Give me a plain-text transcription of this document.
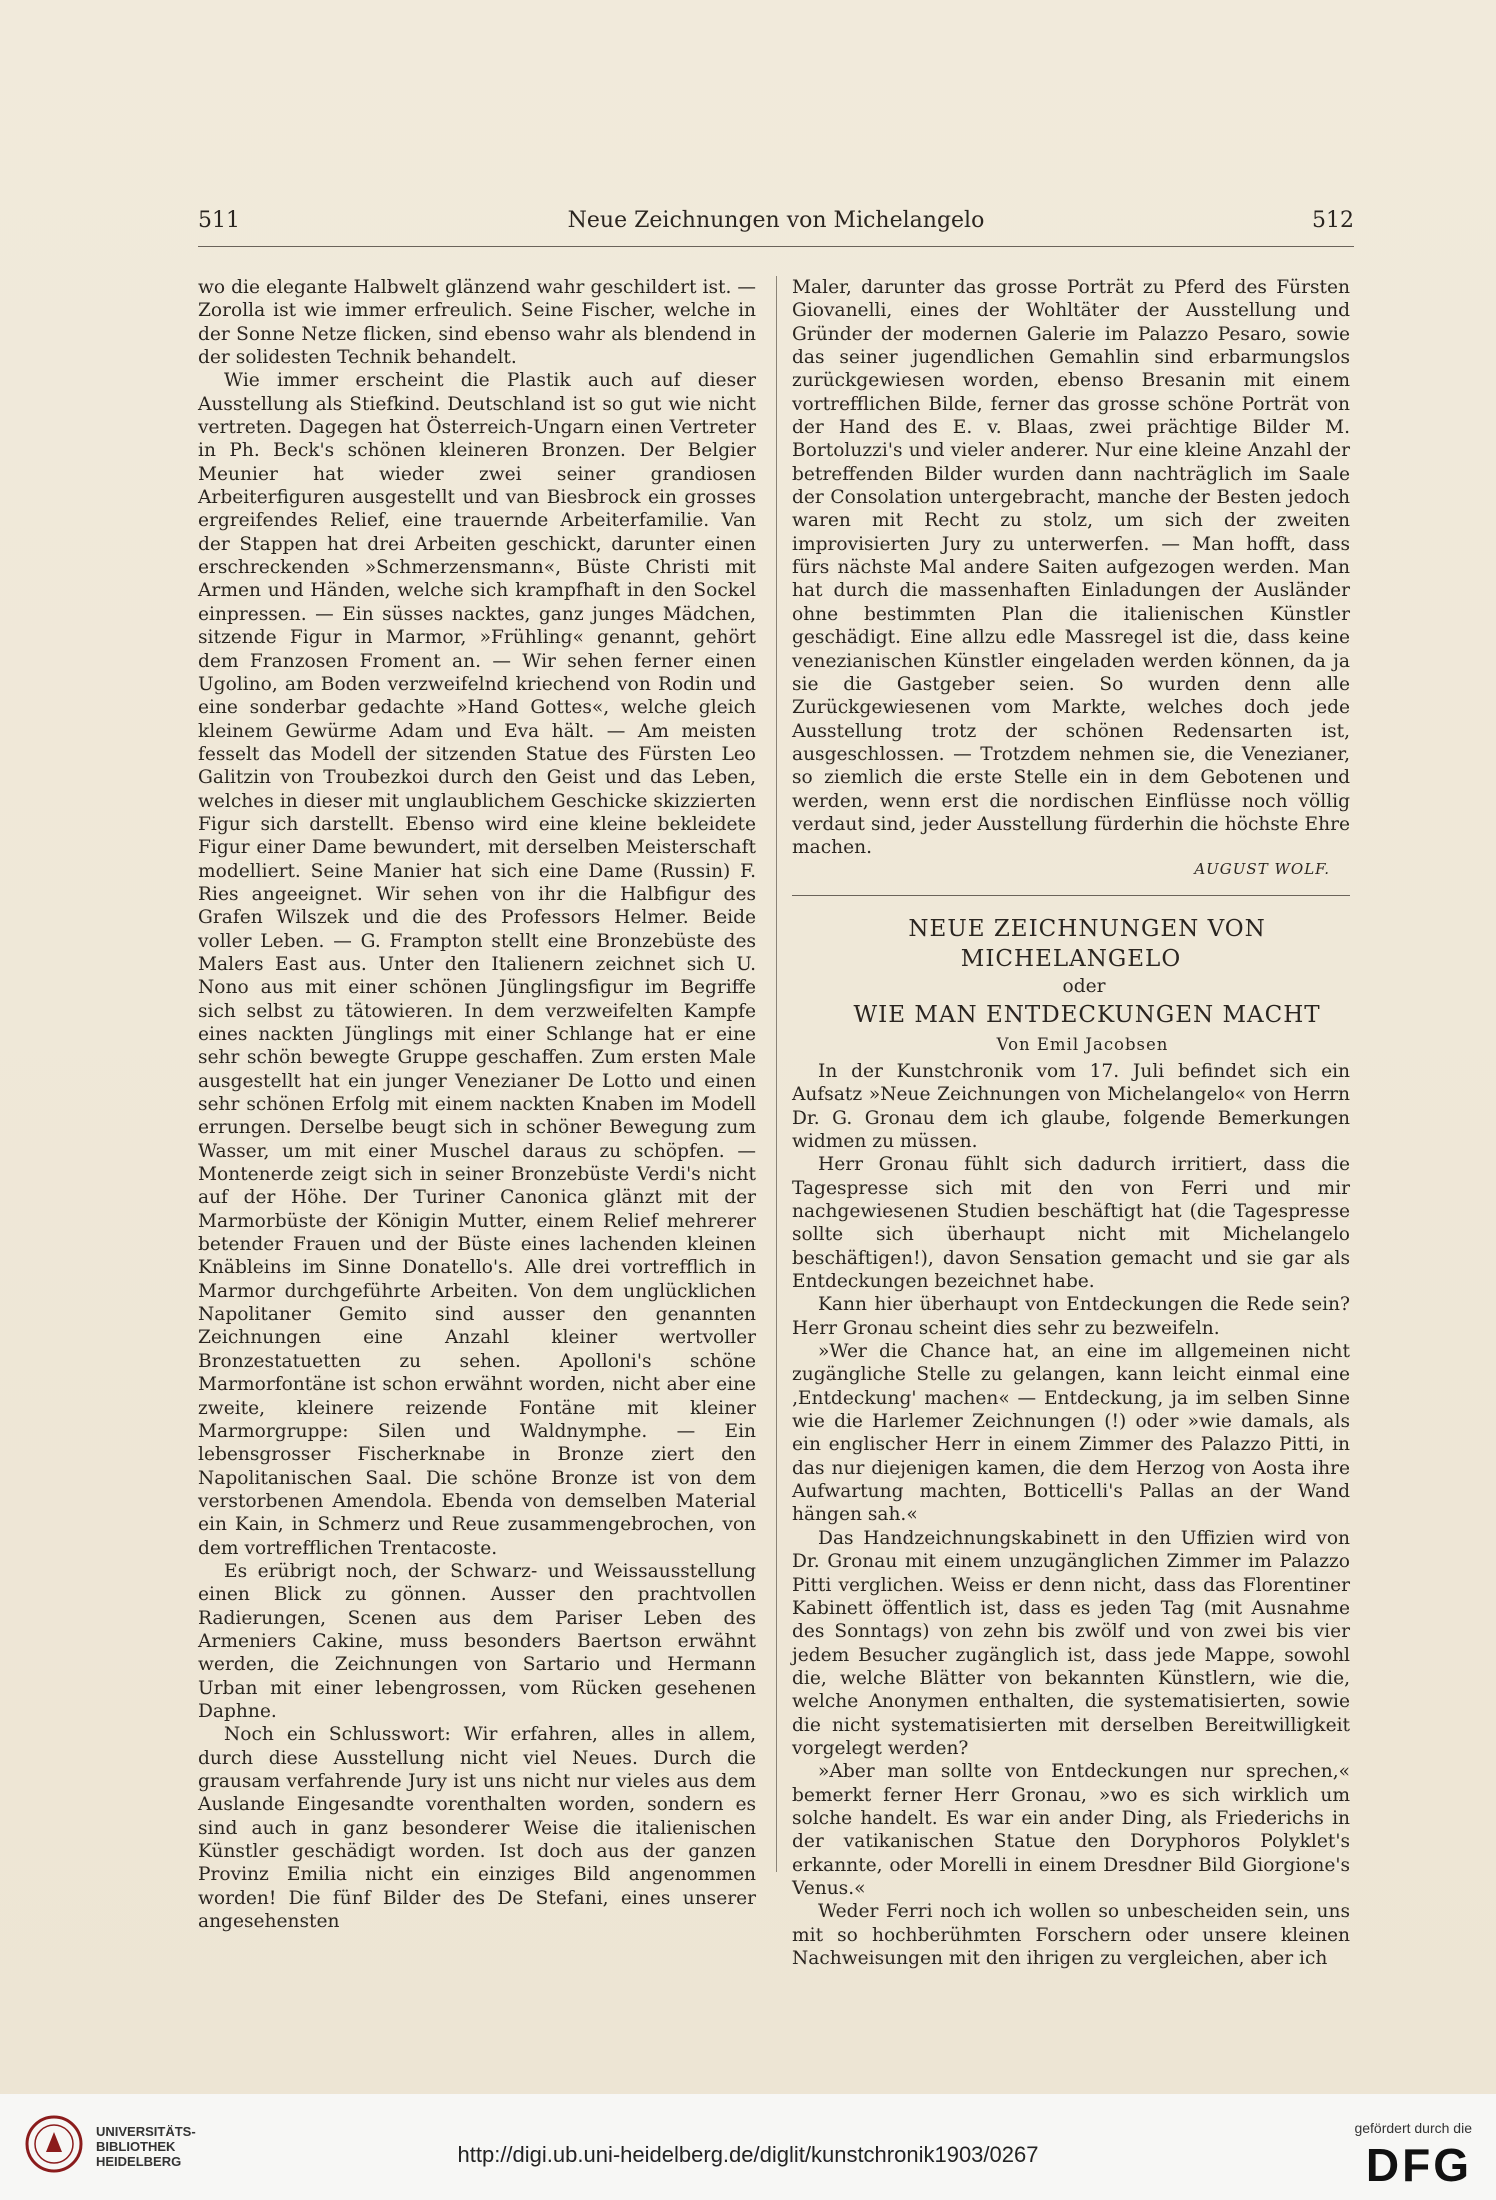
511	Neue Zeichnungen von Michelangelo	512

wo die elegante Halbwelt glänzend wahr geschildert ist. — Zorolla ist wie immer erfreulich. Seine Fischer, welche in der Sonne Netze flicken, sind ebenso wahr als blendend in der solidesten Technik behandelt.

Wie immer erscheint die Plastik auch auf dieser Ausstellung als Stiefkind. Deutschland ist so gut wie nicht vertreten. Dagegen hat Österreich-Ungarn einen Vertreter in Ph. Beck's schönen kleineren Bronzen. Der Belgier Meunier hat wieder zwei seiner grandiosen Arbeiterfiguren ausgestellt und van Biesbrock ein grosses ergreifendes Relief, eine trauernde Arbeiterfamilie. Van der Stappen hat drei Arbeiten geschickt, darunter einen erschreckenden »Schmerzensmann«, Büste Christi mit Armen und Händen, welche sich krampfhaft in den Sockel einpressen. — Ein süsses nacktes, ganz junges Mädchen, sitzende Figur in Marmor, »Frühling« genannt, gehört dem Franzosen Froment an. — Wir sehen ferner einen Ugolino, am Boden verzweifelnd kriechend von Rodin und eine sonderbar gedachte »Hand Gottes«, welche gleich kleinem Gewürme Adam und Eva hält. — Am meisten fesselt das Modell der sitzenden Statue des Fürsten Leo Galitzin von Troubezkoi durch den Geist und das Leben, welches in dieser mit unglaublichem Geschicke skizzierten Figur sich darstellt. Ebenso wird eine kleine bekleidete Figur einer Dame bewundert, mit derselben Meisterschaft modelliert. Seine Manier hat sich eine Dame (Russin) F. Ries angeeignet. Wir sehen von ihr die Halbfigur des Grafen Wilszek und die des Professors Helmer. Beide voller Leben. — G. Frampton stellt eine Bronzebüste des Malers East aus. Unter den Italienern zeichnet sich U. Nono aus mit einer schönen Jünglingsfigur im Begriffe sich selbst zu tätowieren. In dem verzweifelten Kampfe eines nackten Jünglings mit einer Schlange hat er eine sehr schön bewegte Gruppe geschaffen. Zum ersten Male ausgestellt hat ein junger Venezianer De Lotto und einen sehr schönen Erfolg mit einem nackten Knaben im Modell errungen. Derselbe beugt sich in schöner Bewegung zum Wasser, um mit einer Muschel daraus zu schöpfen. — Montenerde zeigt sich in seiner Bronzebüste Verdi's nicht auf der Höhe. Der Turiner Canonica glänzt mit der Marmorbüste der Königin Mutter, einem Relief mehrerer betender Frauen und der Büste eines lachenden kleinen Knäbleins im Sinne Donatello's. Alle drei vortrefflich in Marmor durchgeführte Arbeiten. Von dem unglücklichen Napolitaner Gemito sind ausser den genannten Zeichnungen eine Anzahl kleiner wertvoller Bronzestatuetten zu sehen. Apolloni's schöne Marmorfontäne ist schon erwähnt worden, nicht aber eine zweite, kleinere reizende Fontäne mit kleiner Marmorgruppe: Silen und Waldnymphe. — Ein lebensgrosser Fischerknabe in Bronze ziert den Napolitanischen Saal. Die schöne Bronze ist von dem verstorbenen Amendola. Ebenda von demselben Material ein Kain, in Schmerz und Reue zusammengebrochen, von dem vortrefflichen Trentacoste.

Es erübrigt noch, der Schwarz- und Weissausstellung einen Blick zu gönnen. Ausser den prachtvollen Radierungen, Scenen aus dem Pariser Leben des Armeniers Cakine, muss besonders Baertson erwähnt werden, die Zeichnungen von Sartario und Hermann Urban mit einer lebengrossen, vom Rücken gesehenen Daphne.

Noch ein Schlusswort: Wir erfahren, alles in allem, durch diese Ausstellung nicht viel Neues. Durch die grausam verfahrende Jury ist uns nicht nur vieles aus dem Auslande Eingesandte vorenthalten worden, sondern es sind auch in ganz besonderer Weise die italienischen Künstler geschädigt worden. Ist doch aus der ganzen Provinz Emilia nicht ein einziges Bild angenommen worden! Die fünf Bilder des De Stefani, eines unserer angesehensten

Maler, darunter das grosse Porträt zu Pferd des Fürsten Giovanelli, eines der Wohltäter der Ausstellung und Gründer der modernen Galerie im Palazzo Pesaro, sowie das seiner jugendlichen Gemahlin sind erbarmungslos zurückgewiesen worden, ebenso Bresanin mit einem vortrefflichen Bilde, ferner das grosse schöne Porträt von der Hand des E. v. Blaas, zwei prächtige Bilder M. Bortoluzzi's und vieler anderer. Nur eine kleine Anzahl der betreffenden Bilder wurden dann nachträglich im Saale der Consolation untergebracht, manche der Besten jedoch waren mit Recht zu stolz, um sich der zweiten improvisierten Jury zu unterwerfen. — Man hofft, dass fürs nächste Mal andere Saiten aufgezogen werden. Man hat durch die massenhaften Einladungen der Ausländer ohne bestimmten Plan die italienischen Künstler geschädigt. Eine allzu edle Massregel ist die, dass keine venezianischen Künstler eingeladen werden können, da ja sie die Gastgeber seien. So wurden denn alle Zurückgewiesenen vom Markte, welches doch jede Ausstellung trotz der schönen Redensarten ist, ausgeschlossen. — Trotzdem nehmen sie, die Venezianer, so ziemlich die erste Stelle ein in dem Gebotenen und werden, wenn erst die nordischen Einflüsse noch völlig verdaut sind, jeder Ausstellung fürderhin die höchste Ehre machen.

AUGUST WOLF.

NEUE ZEICHNUNGEN VON MICHELANGELO

oder

WIE MAN ENTDECKUNGEN MACHT

Von Emil Jacobsen

In der Kunstchronik vom 17. Juli befindet sich ein Aufsatz »Neue Zeichnungen von Michelangelo« von Herrn Dr. G. Gronau dem ich glaube, folgende Bemerkungen widmen zu müssen.

Herr Gronau fühlt sich dadurch irritiert, dass die Tagespresse sich mit den von Ferri und mir nachgewiesenen Studien beschäftigt hat (die Tagespresse sollte sich überhaupt nicht mit Michelangelo beschäftigen!), davon Sensation gemacht und sie gar als Entdeckungen bezeichnet habe.

Kann hier überhaupt von Entdeckungen die Rede sein? Herr Gronau scheint dies sehr zu bezweifeln.

»Wer die Chance hat, an eine im allgemeinen nicht zugängliche Stelle zu gelangen, kann leicht einmal eine ‚Entdeckung' machen« — Entdeckung, ja im selben Sinne wie die Harlemer Zeichnungen (!) oder »wie damals, als ein englischer Herr in einem Zimmer des Palazzo Pitti, in das nur diejenigen kamen, die dem Herzog von Aosta ihre Aufwartung machten, Botticelli's Pallas an der Wand hängen sah.«

Das Handzeichnungskabinett in den Uffizien wird von Dr. Gronau mit einem unzugänglichen Zimmer im Palazzo Pitti verglichen. Weiss er denn nicht, dass das Florentiner Kabinett öffentlich ist, dass es jeden Tag (mit Ausnahme des Sonntags) von zehn bis zwölf und von zwei bis vier jedem Besucher zugänglich ist, dass jede Mappe, sowohl die, welche Blätter von bekannten Künstlern, wie die, welche Anonymen enthalten, die systematisierten, sowie die nicht systematisierten mit derselben Bereitwilligkeit vorgelegt werden?

»Aber man sollte von Entdeckungen nur sprechen,« bemerkt ferner Herr Gronau, »wo es sich wirklich um solche handelt. Es war ein ander Ding, als Friederichs in der vatikanischen Statue den Doryphoros Polyklet's erkannte, oder Morelli in einem Dresdner Bild Giorgione's Venus.«

Weder Ferri noch ich wollen so unbescheiden sein, uns mit so hochberühmten Forschern oder unsere kleinen Nachweisungen mit den ihrigen zu vergleichen, aber ich

UNIVERSITÄTS-
BIBLIOTHEK
HEIDELBERG	http://digi.ub.uni-heidelberg.de/diglit/kunstchronik1903/0267
gefördert durch die
DFG
